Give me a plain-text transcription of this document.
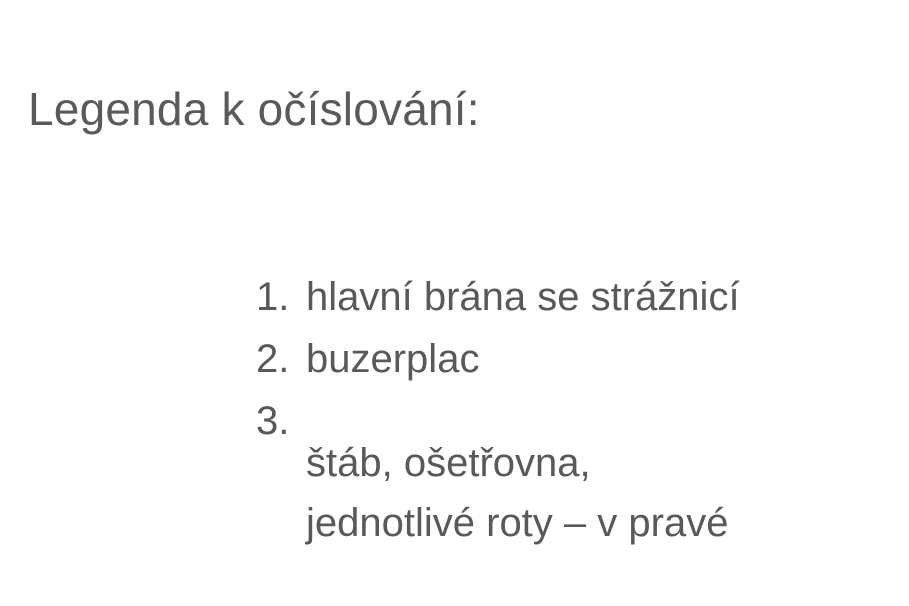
Legenda k očíslování:
1. hlavní brána se strážnicí
2. buzerplac
3.

štáb, ošetřovna,

jednotlivé roty – v pravé
